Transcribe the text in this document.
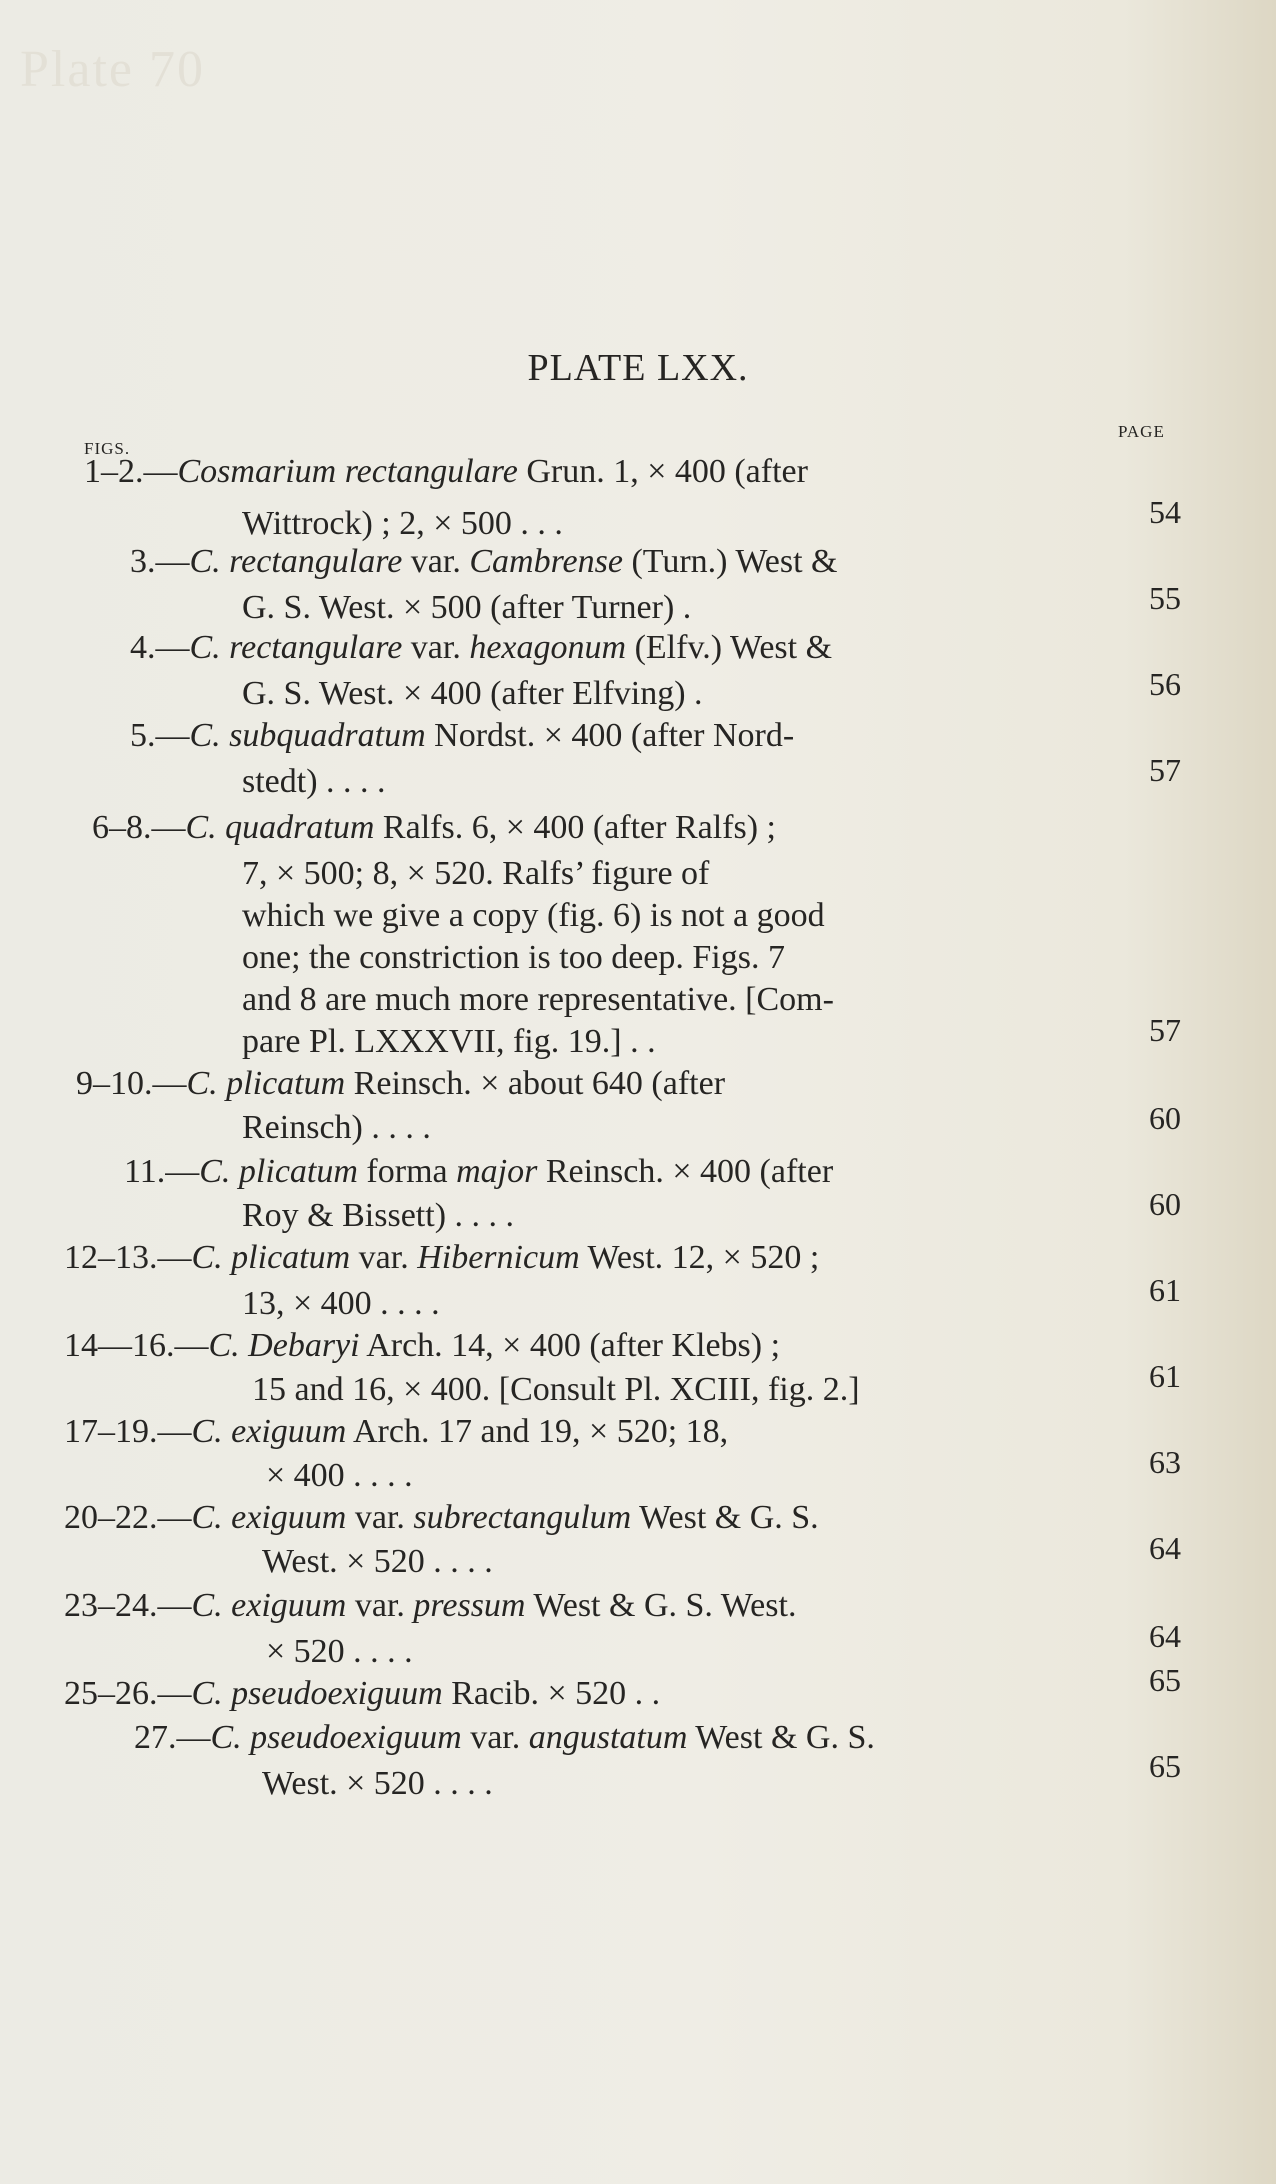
Plate 70
PLATE LXX.
FIGS.
PAGE
1–2.—Cosmarium rectangulare Grun. 1, × 400 (after
Wittrock) ; 2, × 500 . . .
3.—C. rectangulare var. Cambrense (Turn.) West &
G. S. West. × 500 (after Turner) .
4.—C. rectangulare var. hexagonum (Elfv.) West &
G. S. West. × 400 (after Elfving) .
5.—C. subquadratum Nordst. × 400 (after Nord-
stedt) . . . .
6–8.—C. quadratum Ralfs. 6, × 400 (after Ralfs) ;
7, × 500; 8, × 520. Ralfs’ figure of
which we give a copy (fig. 6) is not a good
one; the constriction is too deep. Figs. 7
and 8 are much more representative. [Com-
pare Pl. LXXXVII, fig. 19.] . .
9–10.—C. plicatum Reinsch. × about 640 (after
Reinsch) . . . .
11.—C. plicatum forma major Reinsch. × 400 (after
Roy & Bissett) . . . .
12–13.—C. plicatum var. Hibernicum West. 12, × 520 ;
13, × 400 . . . .
14—16.—C. Debaryi Arch. 14, × 400 (after Klebs) ;
15 and 16, × 400. [Consult Pl. XCIII, fig. 2.]
17–19.—C. exiguum Arch. 17 and 19, × 520; 18,
× 400 . . . .
20–22.—C. exiguum var. subrectangulum West & G. S.
West. × 520 . . . .
23–24.—C. exiguum var. pressum West & G. S. West.
× 520 . . . .
25–26.—C. pseudoexiguum Racib. × 520 . .
27.—C. pseudoexiguum var. angustatum West & G. S.
West. × 520 . . . .
54
55
56
57
57
60
60
61
61
63
64
64
65
65
